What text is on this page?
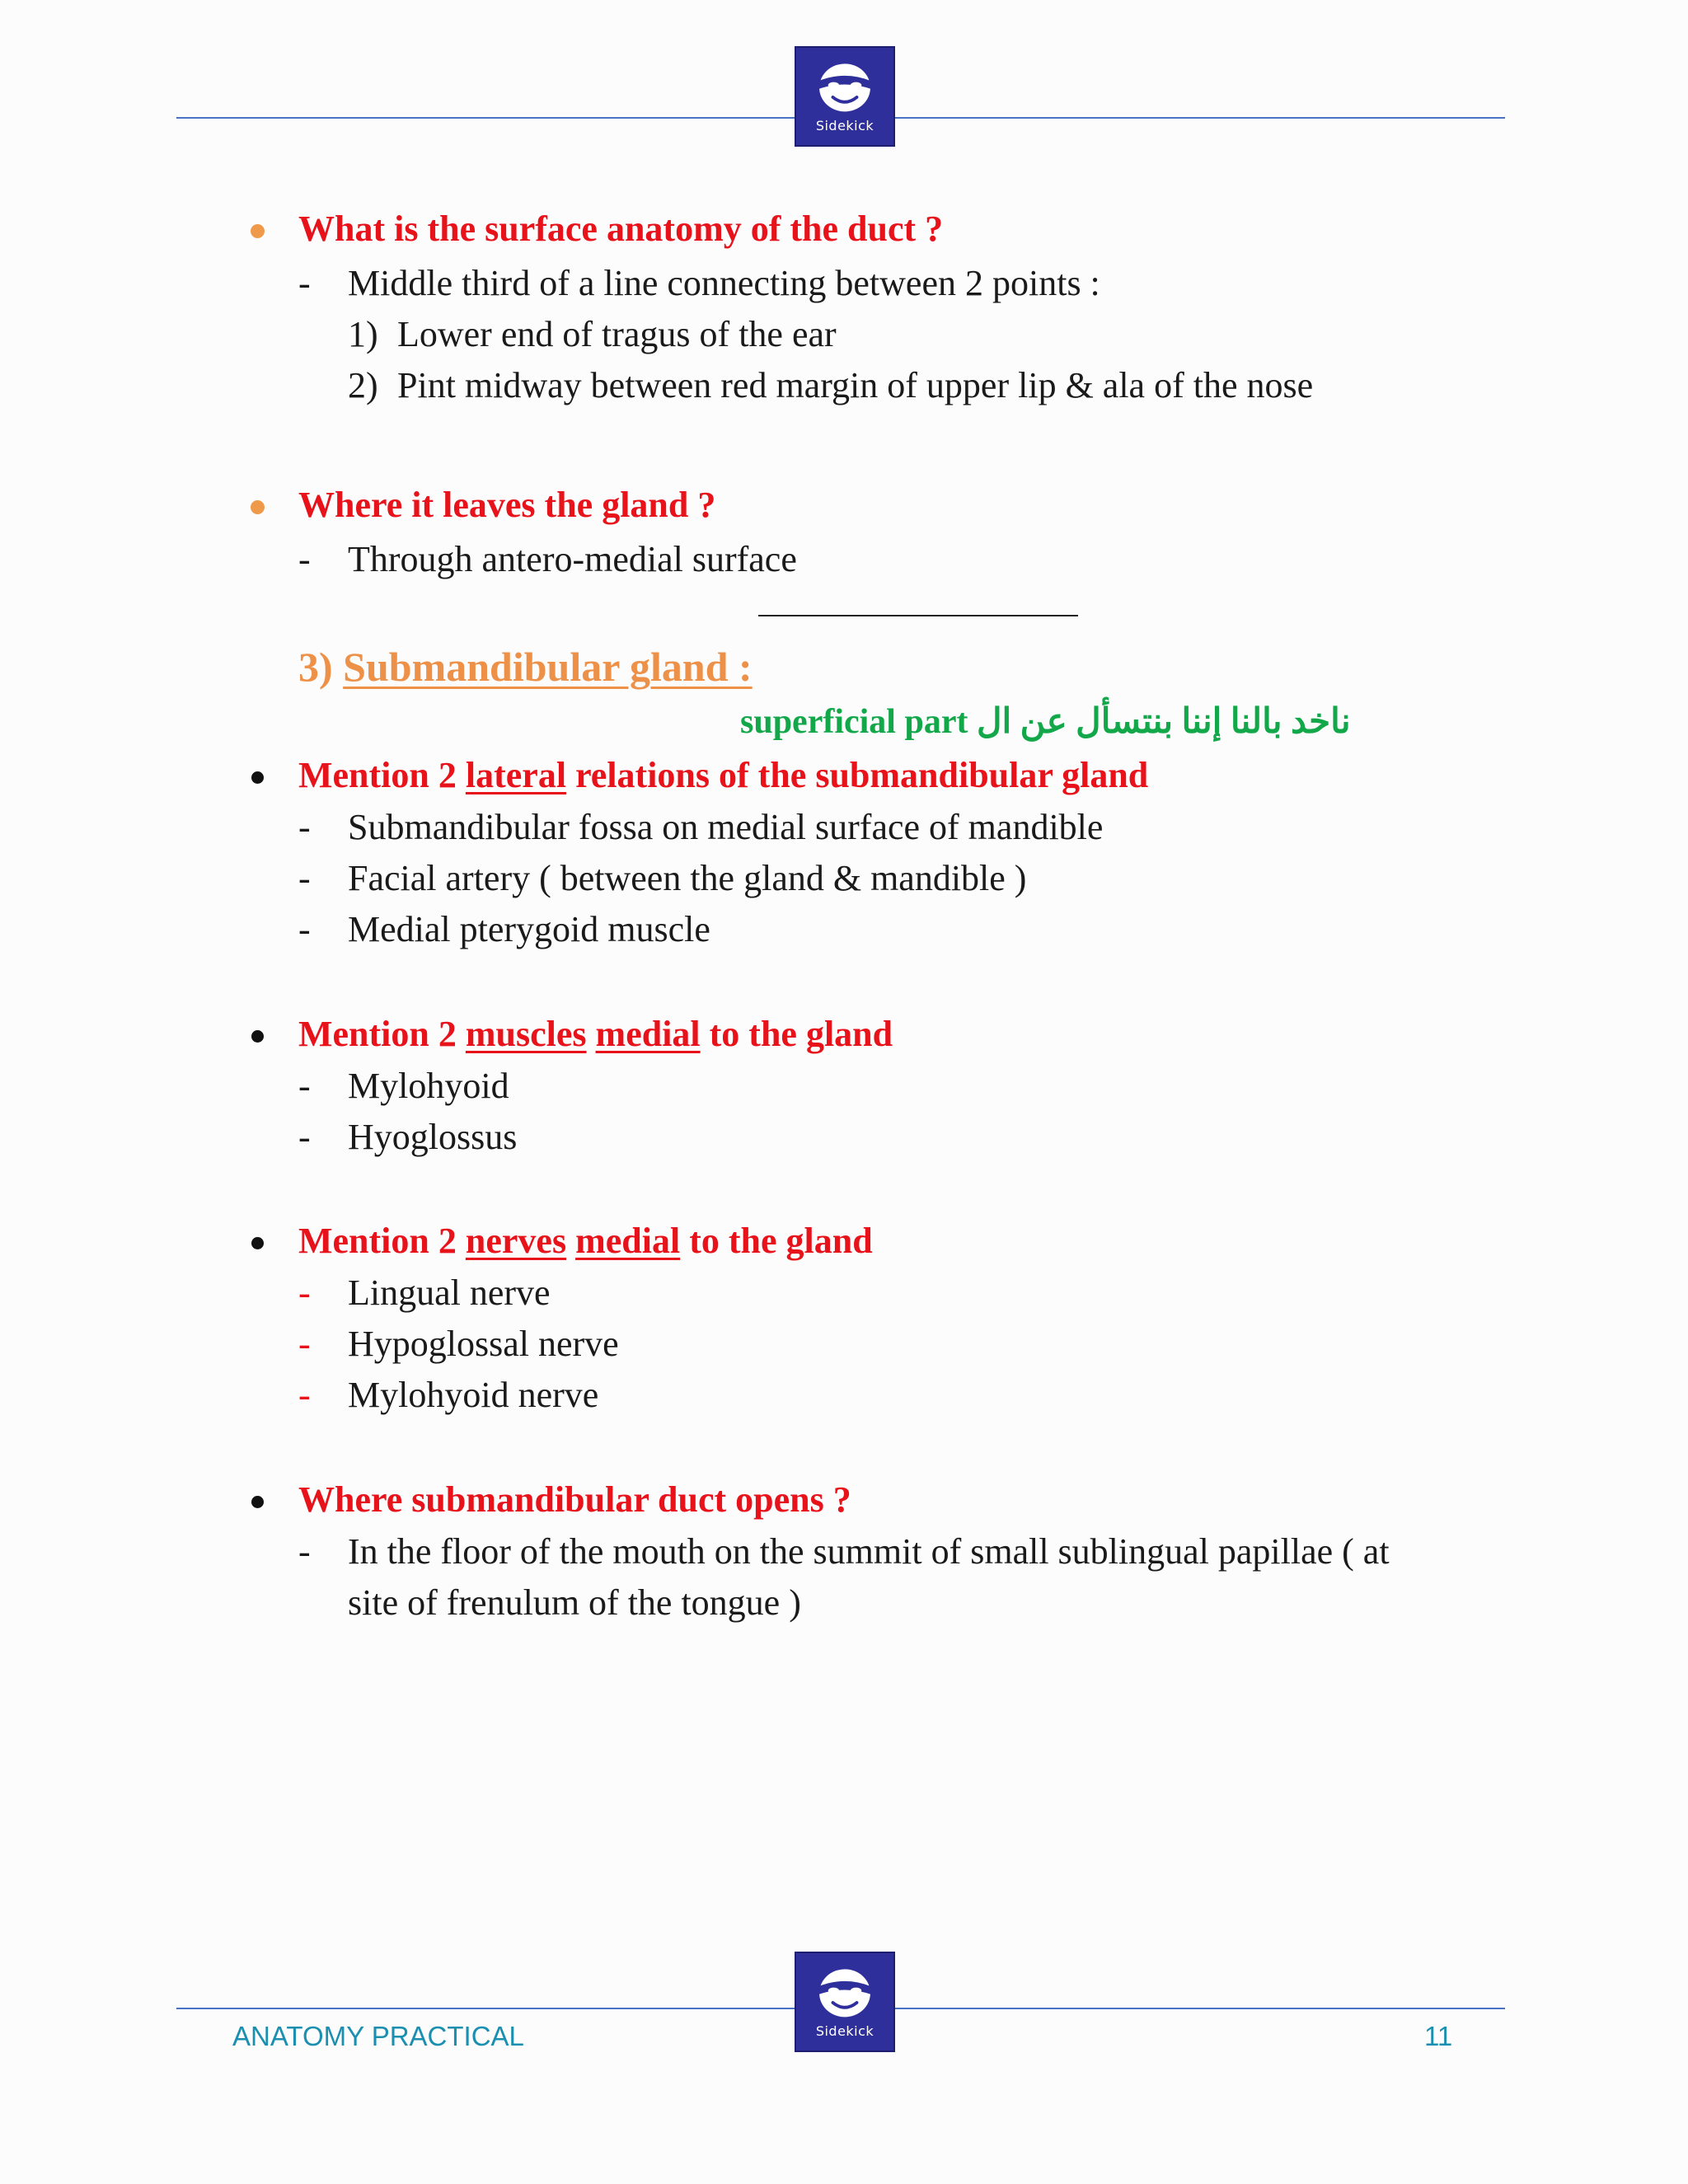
Sidekick
What is the surface anatomy of the duct ?
- Middle third of a line connecting between 2 points :
1) Lower end of tragus of the ear
2) Pint midway between red margin of upper lip & ala of the nose
Where it leaves the gland ?
- Through antero-medial surface
3) Submandibular gland :
superficial part ناخد بالنا إننا بنتسأل عن ال
Mention 2 lateral relations of the submandibular gland
- Submandibular fossa on medial surface of mandible
- Facial artery ( between the gland & mandible )
- Medial pterygoid muscle
Mention 2 muscles medial to the gland
- Mylohyoid
- Hyoglossus
Mention 2 nerves medial to the gland
- Lingual nerve
- Hypoglossal nerve
- Mylohyoid nerve
Where submandibular duct opens ?
- In the floor of the mouth on the summit of small sublingual papillae ( at
site of frenulum of the tongue )
Sidekick
ANATOMY PRACTICAL	11
